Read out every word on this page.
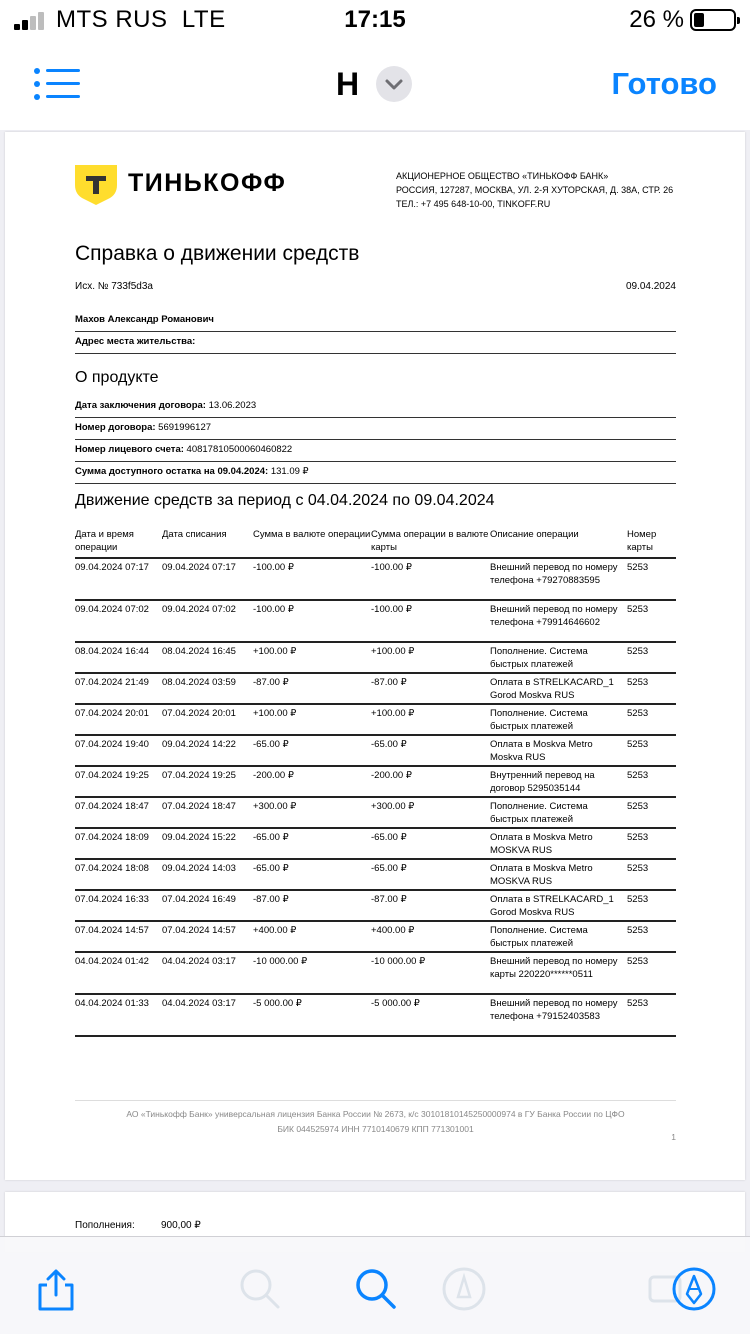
MTS RUS LTE	17:15	26 %
Н	Готово
ТИНЬКОФФ	АКЦИОНЕРНОЕ ОБЩЕСТВО «ТИНЬКОФФ БАНК»
РОССИЯ, 127287, МОСКВА, УЛ. 2-Я ХУТОРСКАЯ, Д. 38А, СТР. 26
ТЕЛ.: +7 495 648-10-00, TINKOFF.RU
Справка о движении средств
Исх. № 733f5d3a	09.04.2024
Махов Александр Романович
Адрес места жительства:
О продукте
Дата заключения договора: 13.06.2023
Номер договора: 5691996127
Номер лицевого счета: 40817810500060460822
Сумма доступного остатка на 09.04.2024: 131.09 ₽
Движение средств за период с 04.04.2024 по 09.04.2024
Дата и время операции	Дата списания	Сумма в валюте операции	Сумма операции в валюте карты	Описание операции	Номер карты
09.04.2024 07:17	09.04.2024 07:17	-100.00 ₽	-100.00 ₽	Внешний перевод по номеру телефона +79270883595	5253
09.04.2024 07:02	09.04.2024 07:02	-100.00 ₽	-100.00 ₽	Внешний перевод по номеру телефона +79914646602	5253
08.04.2024 16:44	08.04.2024 16:45	+100.00 ₽	+100.00 ₽	Пополнение. Система быстрых платежей	5253
07.04.2024 21:49	08.04.2024 03:59	-87.00 ₽	-87.00 ₽	Оплата в STRELKACARD_1 Gorod Moskva RUS	5253
07.04.2024 20:01	07.04.2024 20:01	+100.00 ₽	+100.00 ₽	Пополнение. Система быстрых платежей	5253
07.04.2024 19:40	09.04.2024 14:22	-65.00 ₽	-65.00 ₽	Оплата в Moskva Metro Moskva RUS	5253
07.04.2024 19:25	07.04.2024 19:25	-200.00 ₽	-200.00 ₽	Внутренний перевод на договор 5295035144	5253
07.04.2024 18:47	07.04.2024 18:47	+300.00 ₽	+300.00 ₽	Пополнение. Система быстрых платежей	5253
07.04.2024 18:09	09.04.2024 15:22	-65.00 ₽	-65.00 ₽	Оплата в Moskva Metro MOSKVA RUS	5253
07.04.2024 18:08	09.04.2024 14:03	-65.00 ₽	-65.00 ₽	Оплата в Moskva Metro MOSKVA RUS	5253
07.04.2024 16:33	07.04.2024 16:49	-87.00 ₽	-87.00 ₽	Оплата в STRELKACARD_1 Gorod Moskva RUS	5253
07.04.2024 14:57	07.04.2024 14:57	+400.00 ₽	+400.00 ₽	Пополнение. Система быстрых платежей	5253
04.04.2024 01:42	04.04.2024 03:17	-10 000.00 ₽	-10 000.00 ₽	Внешний перевод по номеру карты 220220******0511	5253
04.04.2024 01:33	04.04.2024 03:17	-5 000.00 ₽	-5 000.00 ₽	Внешний перевод по номеру телефона +79152403583	5253
АО «Тинькофф Банк» универсальная лицензия Банка России № 2673, к/с 30101810145250000974 в ГУ Банка России по ЦФО
БИК 044525974 ИНН 7710140679 КПП 771301001
1
Пополнения:	900,00 ₽
